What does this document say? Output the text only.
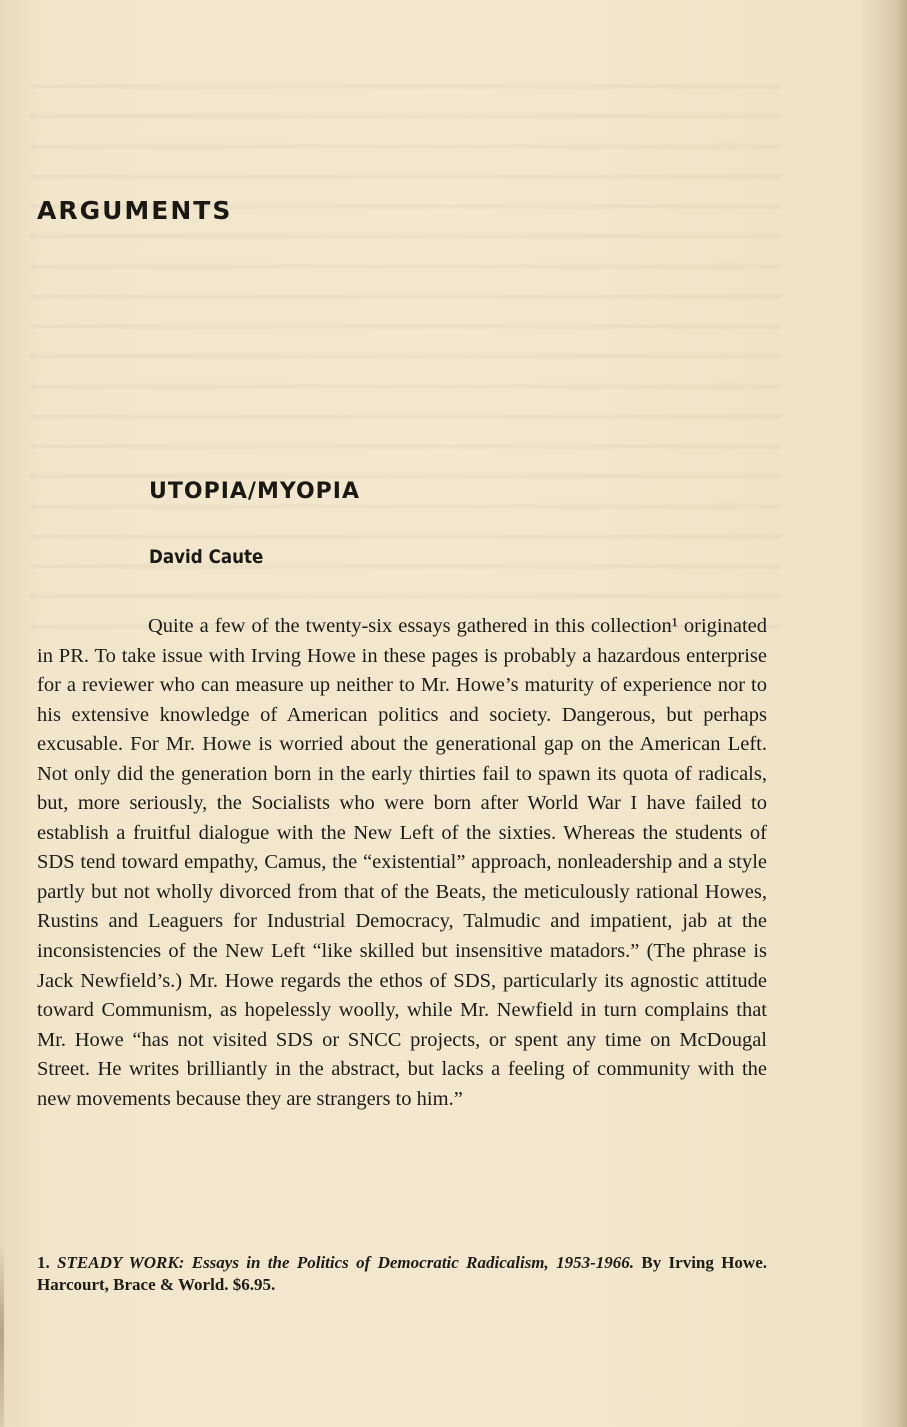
ARGUMENTS
UTOPIA/MYOPIA
David Caute

Quite a few of the twenty-six essays gathered in this collection¹ originated in PR. To take issue with Irving Howe in these pages is probably a hazardous enterprise for a reviewer who can measure up neither to Mr. Howe’s maturity of experience nor to his extensive knowledge of American politics and society. Dangerous, but perhaps excusable. For Mr. Howe is worried about the generational gap on the American Left. Not only did the generation born in the early thirties fail to spawn its quota of radicals, but, more seriously, the Socialists who were born after World War I have failed to establish a fruitful dialogue with the New Left of the sixties. Whereas the students of SDS tend toward empathy, Camus, the “existential” approach, nonleadership and a style partly but not wholly divorced from that of the Beats, the meticulously rational Howes, Rustins and Leaguers for Industrial Democracy, Talmudic and impatient, jab at the inconsistencies of the New Left “like skilled but insensitive matadors.” (The phrase is Jack Newfield’s.) Mr. Howe regards the ethos of SDS, particularly its agnostic attitude toward Communism, as hopelessly woolly, while Mr. Newfield in turn complains that Mr. Howe “has not visited SDS or SNCC projects, or spent any time on McDougal Street. He writes brilliantly in the abstract, but lacks a feeling of community with the new movements because they are strangers to him.”

1. STEADY WORK: Essays in the Politics of Democratic Radicalism, 1953-1966. By Irving Howe. Harcourt, Brace & World. $6.95.
